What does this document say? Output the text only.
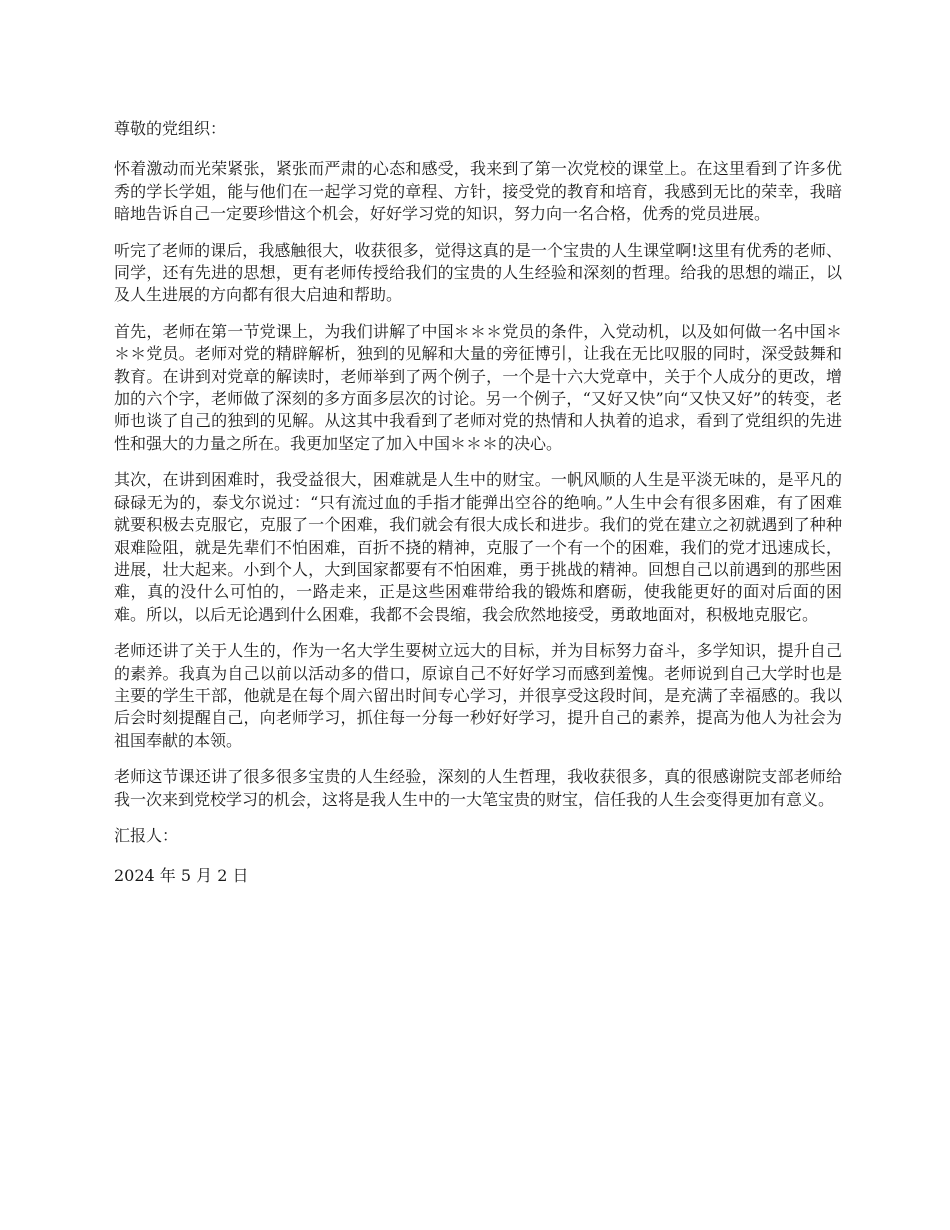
尊敬的党组织：

怀着激动而光荣紧张，紧张而严肃的心态和感受，我来到了第一次党校的课堂上。在这里看到了许多优秀的学长学姐，能与他们在一起学习党的章程、方针，接受党的教育和培育，我感到无比的荣幸，我暗暗地告诉自己一定要珍惜这个机会，好好学习党的知识，努力向一名合格，优秀的党员进展。

听完了老师的课后，我感触很大，收获很多，觉得这真的是一个宝贵的人生课堂啊!这里有优秀的老师、同学，还有先进的思想，更有老师传授给我们的宝贵的人生经验和深刻的哲理。给我的思想的端正，以及人生进展的方向都有很大启迪和帮助。

首先，老师在第一节党课上，为我们讲解了中国＊＊＊党员的条件，入党动机，以及如何做一名中国＊＊＊党员。老师对党的精辟解析，独到的见解和大量的旁征博引，让我在无比叹服的同时，深受鼓舞和教育。在讲到对党章的解读时，老师举到了两个例子，一个是十六大党章中，关于个人成分的更改，增加的六个字，老师做了深刻的多方面多层次的讨论。另一个例子，“又好又快”向“又快又好”的转变，老师也谈了自己的独到的见解。从这其中我看到了老师对党的热情和人执着的追求，看到了党组织的先进性和强大的力量之所在。我更加坚定了加入中国＊＊＊的决心。

其次，在讲到困难时，我受益很大，困难就是人生中的财宝。一帆风顺的人生是平淡无味的，是平凡的碌碌无为的，泰戈尔说过：“只有流过血的手指才能弹出空谷的绝响。”人生中会有很多困难，有了困难就要积极去克服它，克服了一个困难，我们就会有很大成长和进步。我们的党在建立之初就遇到了种种艰难险阻，就是先辈们不怕困难，百折不挠的精神，克服了一个有一个的困难，我们的党才迅速成长，进展，壮大起来。小到个人，大到国家都要有不怕困难，勇于挑战的精神。回想自己以前遇到的那些困难，真的没什么可怕的，一路走来，正是这些困难带给我的锻炼和磨砺，使我能更好的面对后面的困难。所以，以后无论遇到什么困难，我都不会畏缩，我会欣然地接受，勇敢地面对，积极地克服它。

老师还讲了关于人生的，作为一名大学生要树立远大的目标，并为目标努力奋斗，多学知识，提升自己的素养。我真为自己以前以活动多的借口，原谅自己不好好学习而感到羞愧。老师说到自己大学时也是主要的学生干部，他就是在每个周六留出时间专心学习，并很享受这段时间，是充满了幸福感的。我以后会时刻提醒自己，向老师学习，抓住每一分每一秒好好学习，提升自己的素养，提高为他人为社会为祖国奉献的本领。

老师这节课还讲了很多很多宝贵的人生经验，深刻的人生哲理，我收获很多，真的很感谢院支部老师给我一次来到党校学习的机会，这将是我人生中的一大笔宝贵的财宝，信任我的人生会变得更加有意义。

汇报人：

2024 年 5 月 2 日
